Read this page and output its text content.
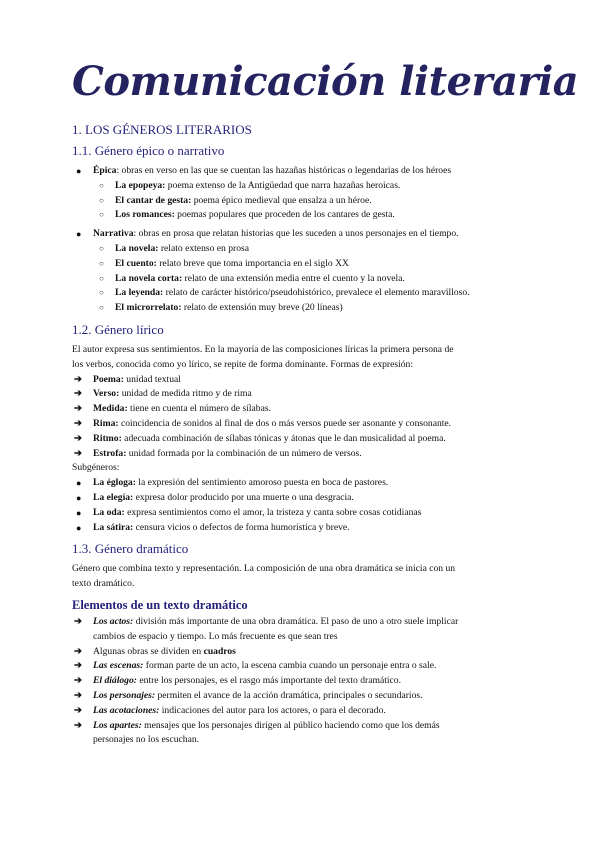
Comunicación literaria
1. LOS GÉNEROS LITERARIOS
1.1. Género épico o narrativo
● Épica: obras en verso en las que se cuentan las hazañas históricas o legendarias de los héroes
○ La epopeya: poema extenso de la Antigüedad que narra hazañas heroicas.
○ El cantar de gesta: poema épico medieval que ensalza a un héroe.
○ Los romances: poemas populares que proceden de los cantares de gesta.
● Narrativa: obras en prosa que relatan historias que les suceden a unos personajes en el tiempo.
○ La novela: relato extenso en prosa
○ El cuento: relato breve que toma importancia en el siglo XX
○ La novela corta: relato de una extensión media entre el cuento y la novela.
○ La leyenda: relato de carácter histórico/pseudohistórico, prevalece el elemento maravilloso.
○ El microrrelato: relato de extensión muy breve (20 líneas)
1.2. Género lírico

El autor expresa sus sentimientos. En la mayoría de las composiciones líricas la primera persona de

los verbos, conocida como yo lírico, se repite de forma dominante. Formas de expresión:

➔ Poema: unidad textual
➔ Verso: unidad de medida ritmo y de rima
➔ Medida: tiene en cuenta el número de sílabas.
➔ Rima: coincidencia de sonidos al final de dos o más versos puede ser asonante y consonante.
➔ Ritmo: adecuada combinación de sílabas tónicas y átonas que le dan musicalidad al poema.
➔ Estrofa: unidad formada por la combinación de un número de versos.

Subgéneros:

● La égloga: la expresión del sentimiento amoroso puesta en boca de pastores.
● La elegía: expresa dolor producido por una muerte o una desgracia.
● La oda: expresa sentimientos como el amor, la tristeza y canta sobre cosas cotidianas
● La sátira: censura vicios o defectos de forma humorística y breve.
1.3. Género dramático

Género que combina texto y representación. La composición de una obra dramática se inicia con un

texto dramático.

Elementos de un texto dramático
➔ Los actos: división más importante de una obra dramática. El paso de uno a otro suele implicar
cambios de espacio y tiempo. Lo más frecuente es que sean tres
➔ Algunas obras se dividen en cuadros
➔ Las escenas: forman parte de un acto, la escena cambia cuando un personaje entra o sale.
➔ El diálogo: entre los personajes, es el rasgo más importante del texto dramático.
➔ Los personajes: permiten el avance de la acción dramática, principales o secundarios.
➔ Las acotaciones: indicaciones del autor para los actores, o para el decorado.
➔ Los apartes: mensajes que los personajes dirigen al público haciendo como que los demás
personajes no los escuchan.
